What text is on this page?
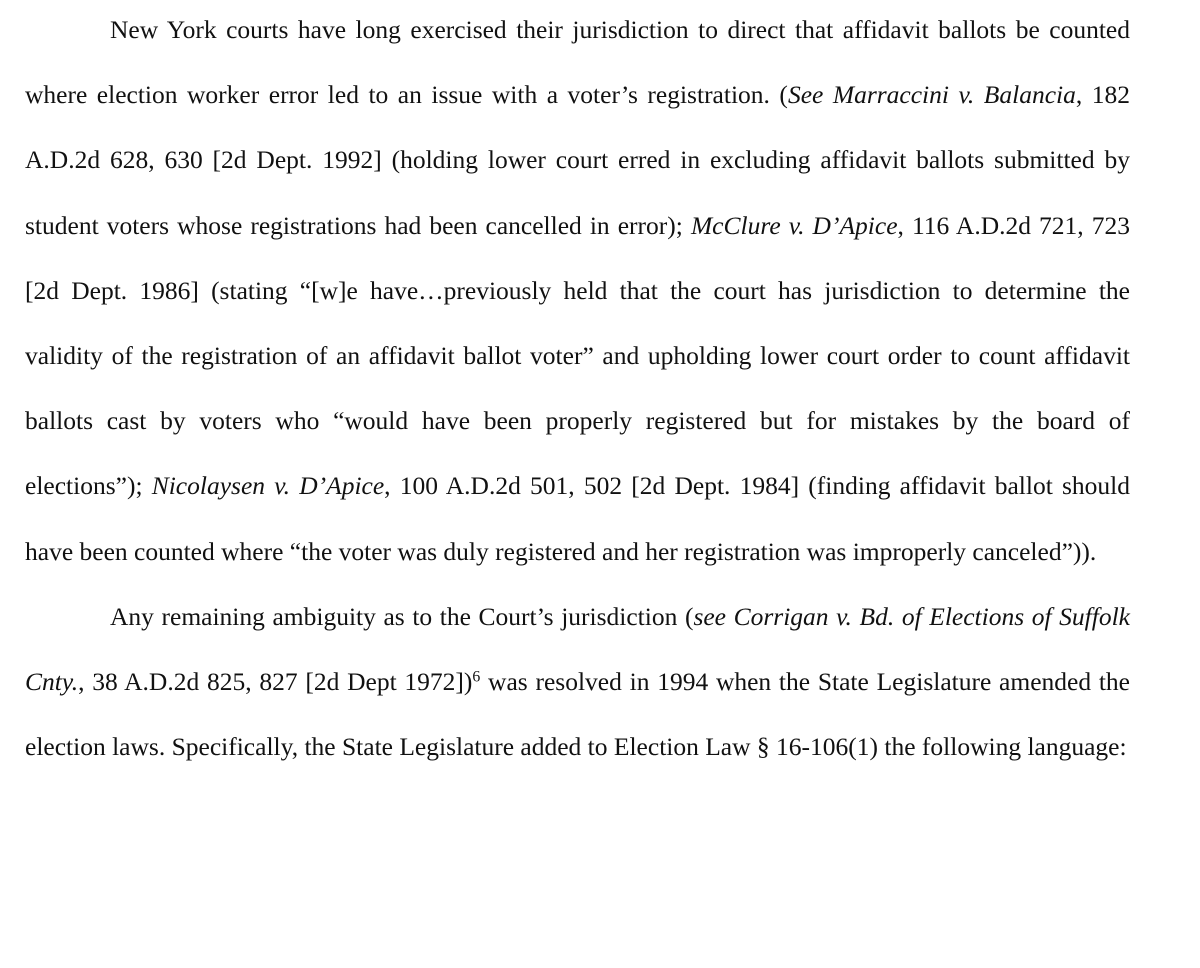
New York courts have long exercised their jurisdiction to direct that affidavit ballots be counted where election worker error led to an issue with a voter’s registration. (See Marraccini v. Balancia, 182 A.D.2d 628, 630 [2d Dept. 1992] (holding lower court erred in excluding affidavit ballots submitted by student voters whose registrations had been cancelled in error); McClure v. D’Apice, 116 A.D.2d 721, 723 [2d Dept. 1986] (stating “[w]e have…previously held that the court has jurisdiction to determine the validity of the registration of an affidavit ballot voter” and upholding lower court order to count affidavit ballots cast by voters who “would have been properly registered but for mistakes by the board of elections”); Nicolaysen v. D’Apice, 100 A.D.2d 501, 502 [2d Dept. 1984] (finding affidavit ballot should have been counted where “the voter was duly registered and her registration was improperly canceled”)).

Any remaining ambiguity as to the Court’s jurisdiction (see Corrigan v. Bd. of Elections of Suffolk Cnty., 38 A.D.2d 825, 827 [2d Dept 1972])$^6$ was resolved in 1994 when the State Legislature amended the election laws. Specifically, the State Legislature added to Election Law § 16-106(1) the following language:
